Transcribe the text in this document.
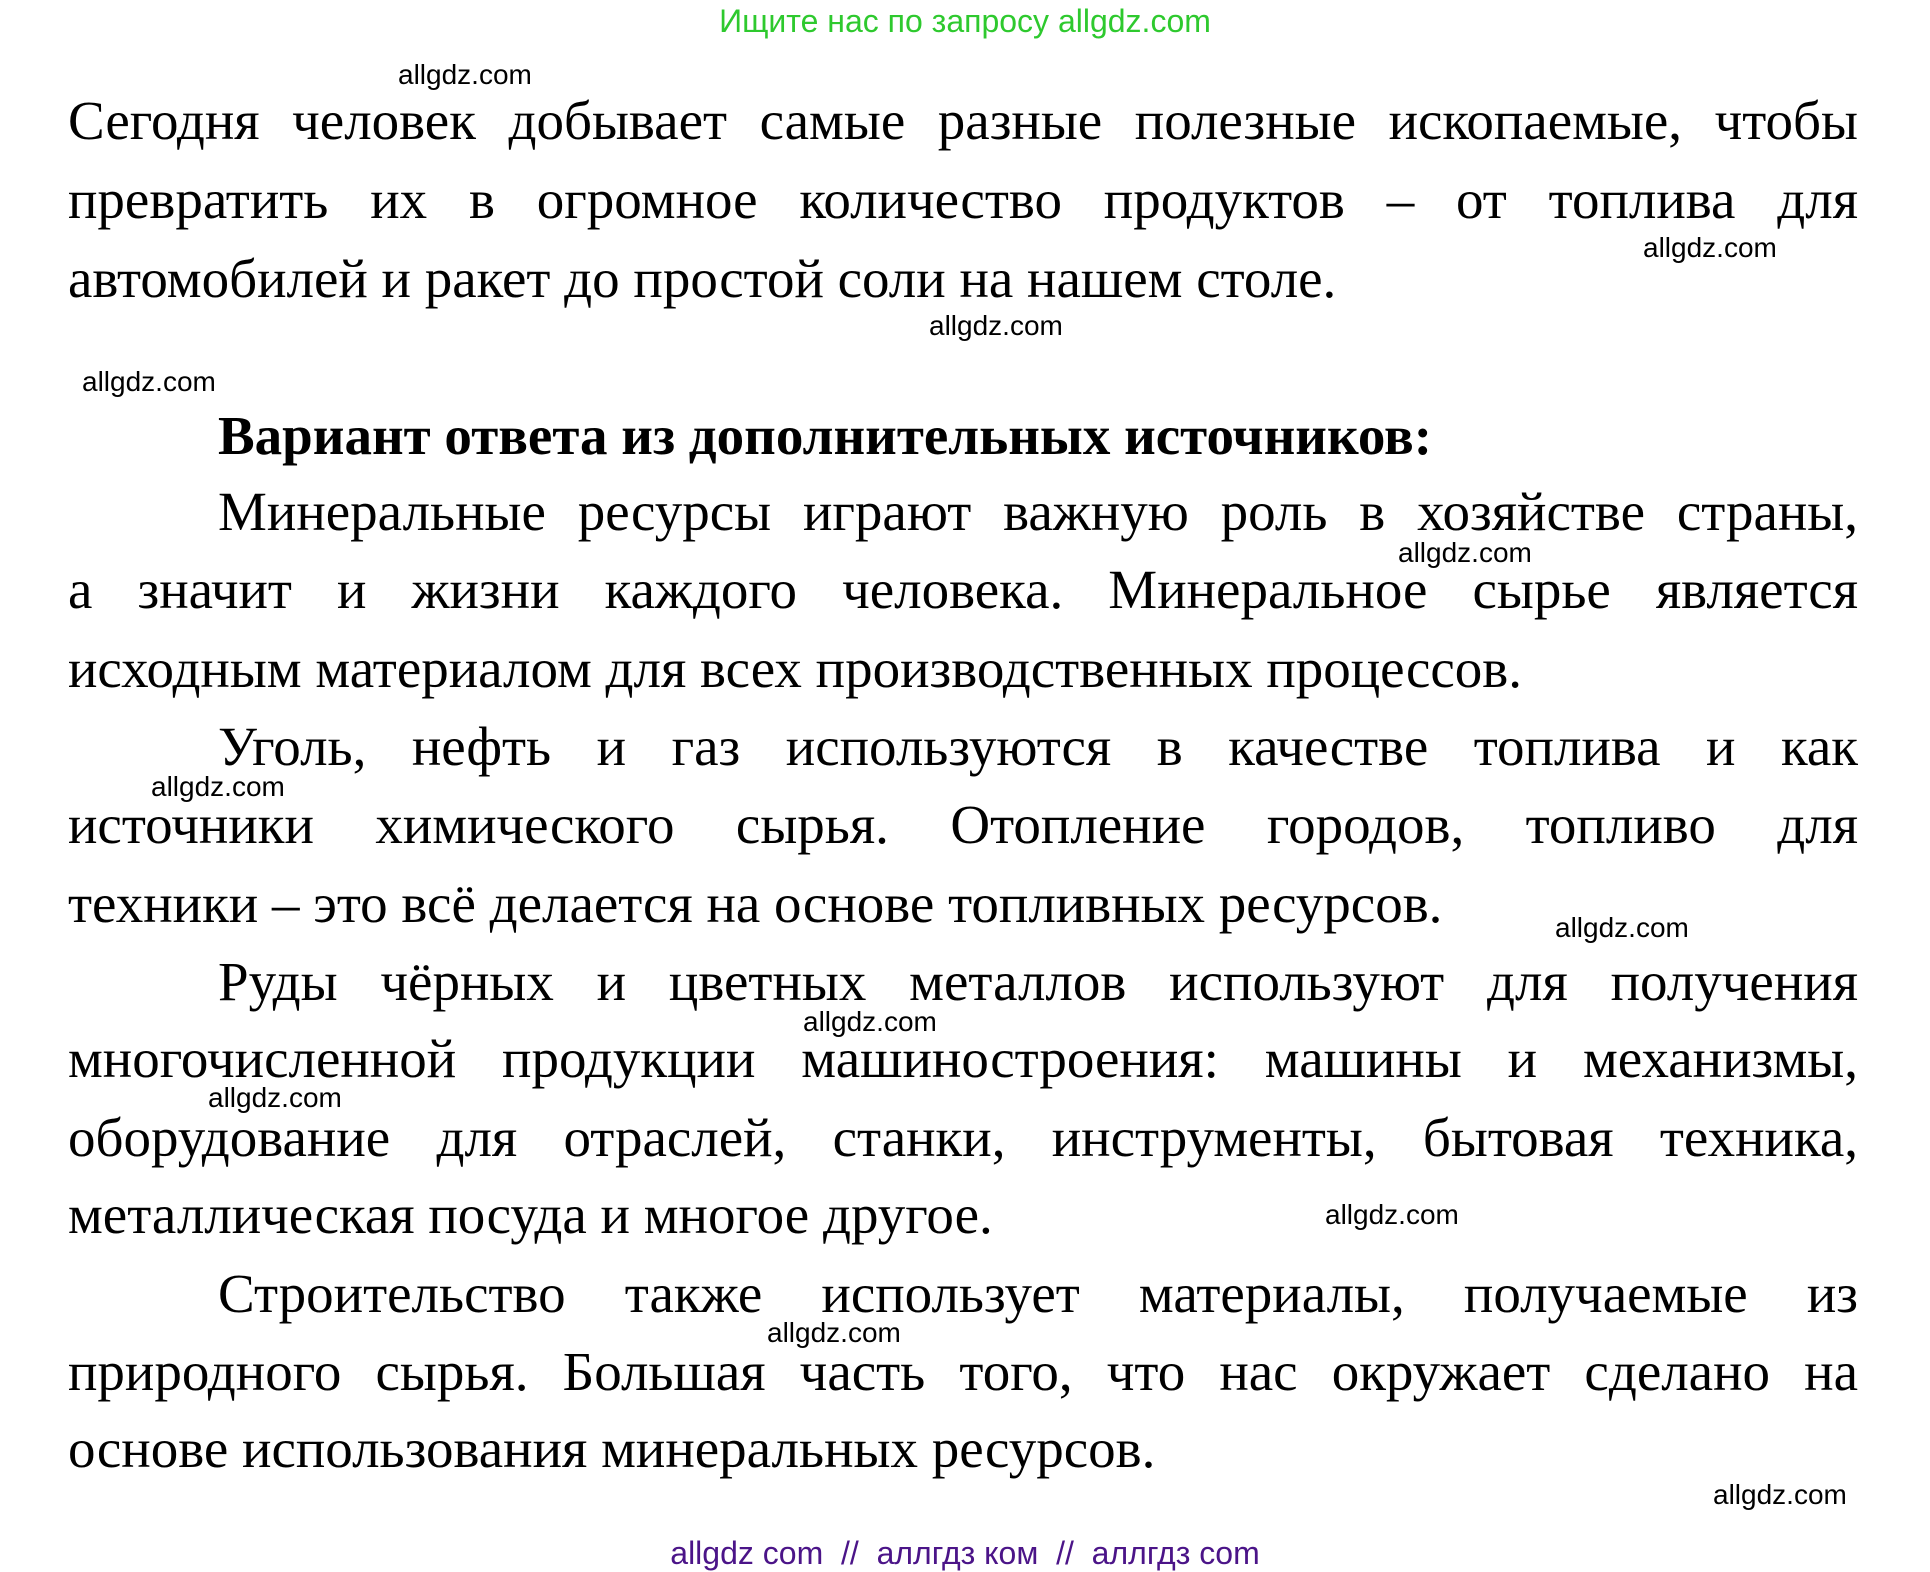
Ищите нас по запросу allgdz.com
Сегодня человек добывает самые разные полезные ископаемые, чтобы
превратить их в огромное количество продуктов – от топлива для
автомобилей и ракет до простой соли на нашем столе.
Вариант ответа из дополнительных источников:
Минеральные ресурсы играют важную роль в хозяйстве страны,
а значит и жизни каждого человека. Минеральное сырье является
исходным материалом для всех производственных процессов.
Уголь, нефть и газ используются в качестве топлива и как
источники химического сырья. Отопление городов, топливо для
техники – это всё делается на основе топливных ресурсов.
Руды чёрных и цветных металлов используют для получения
многочисленной продукции машиностроения: машины и механизмы,
оборудование для отраслей, станки, инструменты, бытовая техника,
металлическая посуда и многое другое.
Строительство также использует материалы, получаемые из
природного сырья. Большая часть того, что нас окружает сделано на
основе использования минеральных ресурсов.
allgdz.com
allgdz.com
allgdz.com
allgdz.com
allgdz.com
allgdz.com
allgdz.com
allgdz.com
allgdz.com
allgdz.com
allgdz.com
allgdz.com
allgdz com  //  аллгдз ком  //  аллгдз com
